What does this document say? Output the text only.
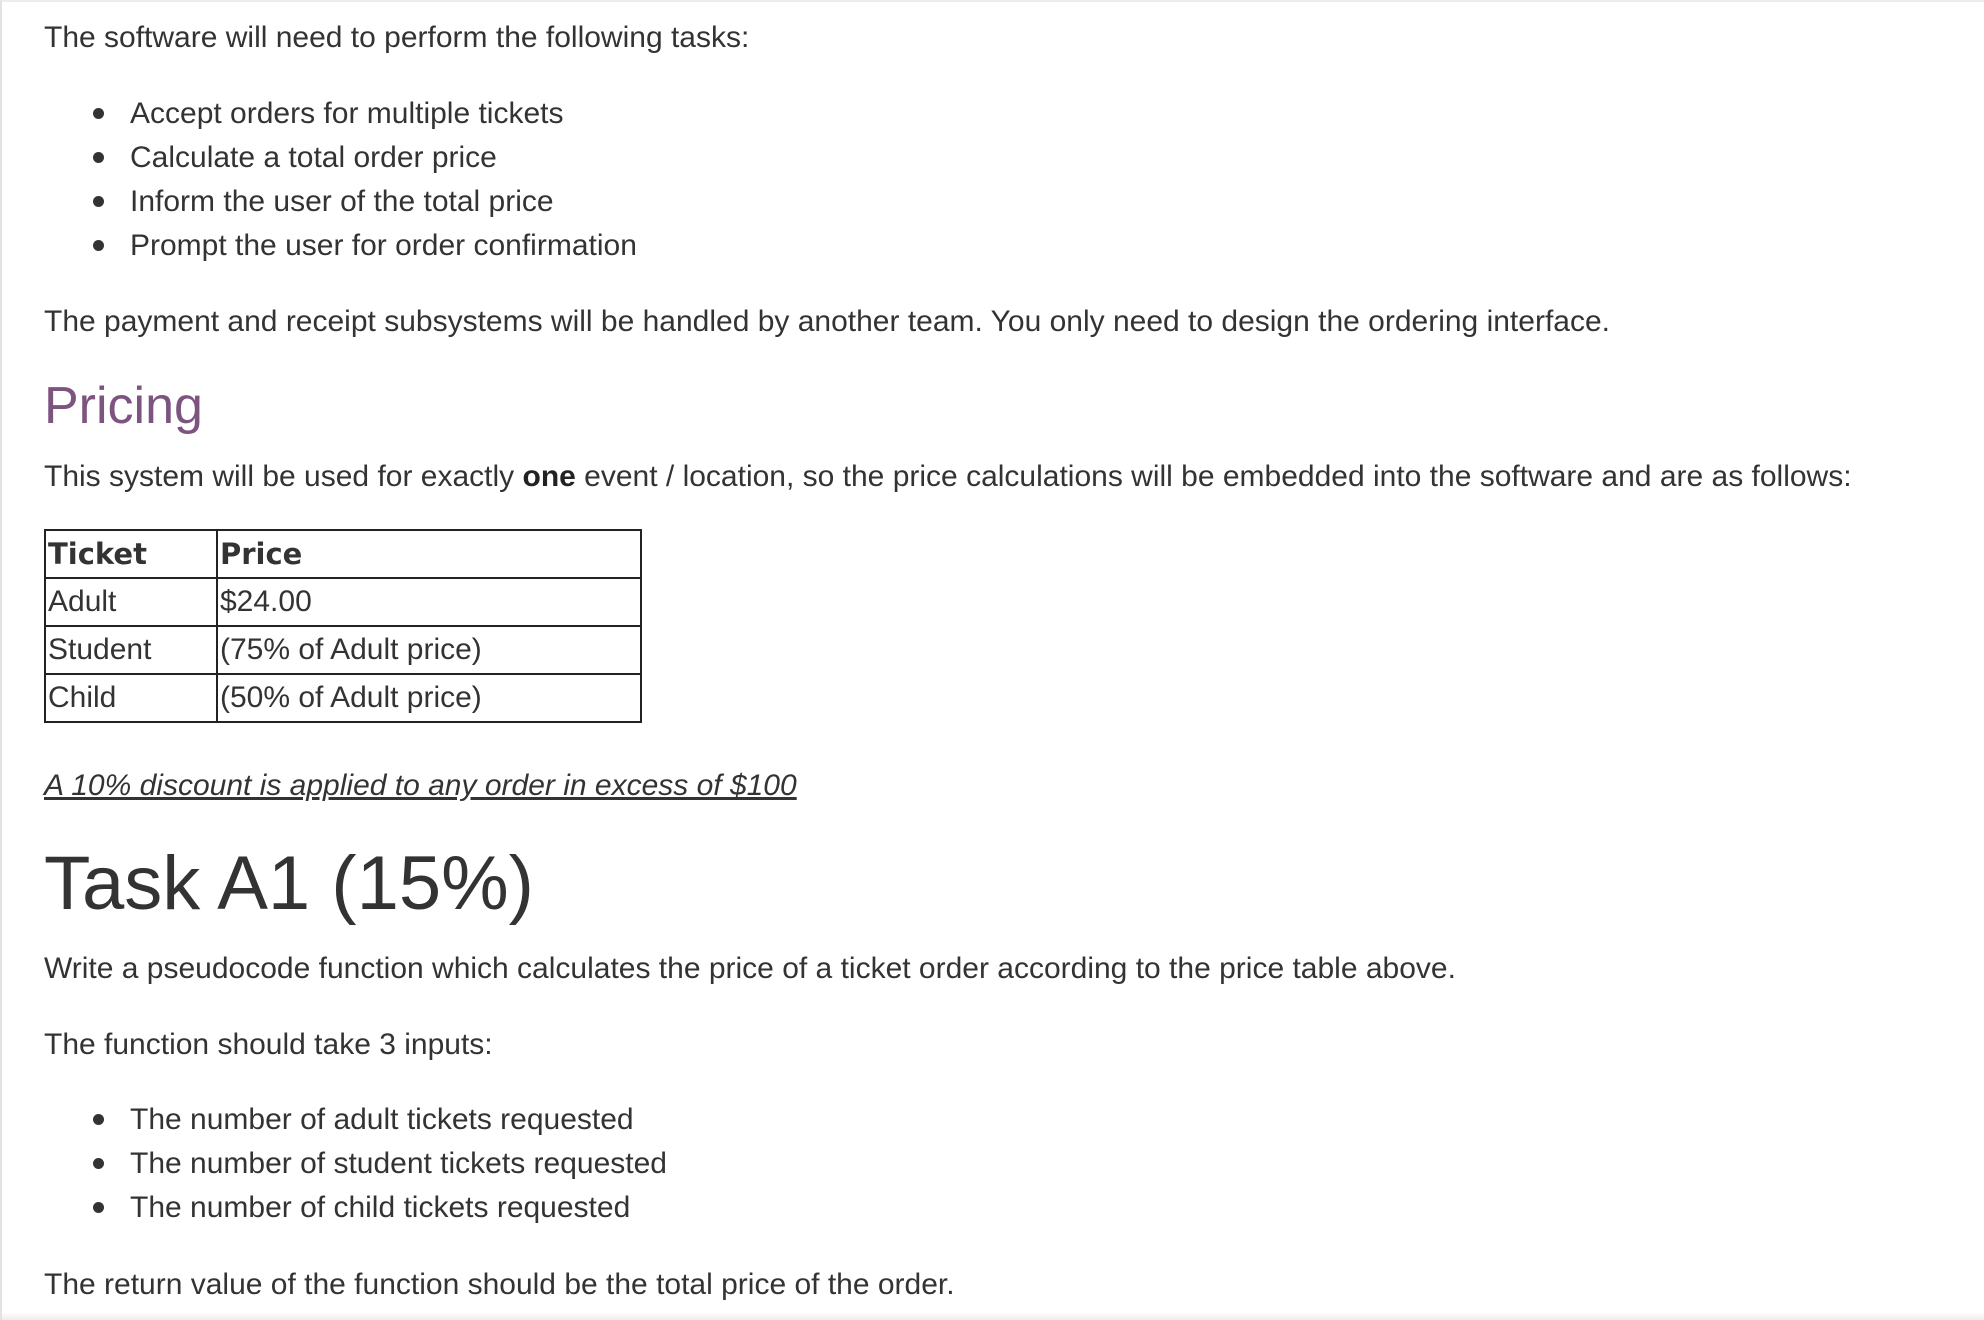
The software will need to perform the following tasks:

Accept orders for multiple tickets
Calculate a total order price
Inform the user of the total price
Prompt the user for order confirmation

The payment and receipt subsystems will be handled by another team. You only need to design the ordering interface.

Pricing

This system will be used for exactly one event / location, so the price calculations will be embedded into the software and are as follows:

Ticket	Price
Adult	$24.00
Student	(75% of Adult price)
Child	(50% of Adult price)

A 10% discount is applied to any order in excess of $100

Task A1 (15%)

Write a pseudocode function which calculates the price of a ticket order according to the price table above.

The function should take 3 inputs:

The number of adult tickets requested
The number of student tickets requested
The number of child tickets requested

The return value of the function should be the total price of the order.
